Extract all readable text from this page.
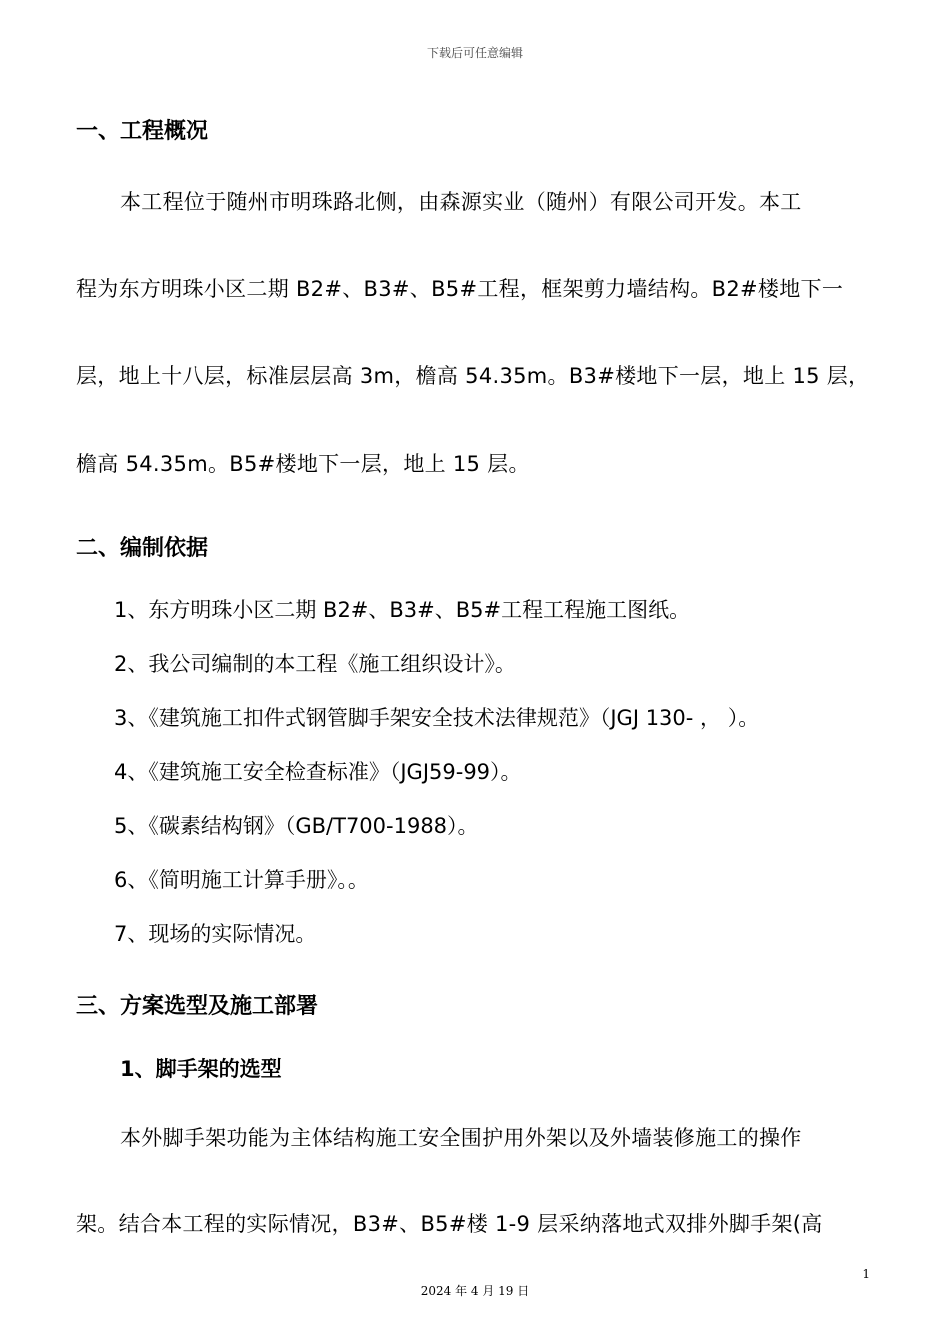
下载后可任意编辑
一、工程概况
本工程位于随州市明珠路北侧，由森源实业（随州）有限公司开发。本工
程为东方明珠小区二期 B2#、B3#、B5#工程，框架剪力墙结构。B2#楼地下一
层，地上十八层，标准层层高 3m，檐高 54.35m。B3#楼地下一层，地上 15 层，
檐高 54.35m。B5#楼地下一层，地上 15 层。
二、编制依据
1、东方明珠小区二期 B2#、B3#、B5#工程工程施工图纸。
2、我公司编制的本工程《施工组织设计》。
3、《建筑施工扣件式钢管脚手架安全技术法律规范》（JGJ 130- ， ）。
4、《建筑施工安全检查标准》（JGJ59-99）。
5、《碳素结构钢》（GB/T700-1988）。
6、《简明施工计算手册》。。
7、现场的实际情况。
三、方案选型及施工部署
1、脚手架的选型
本外脚手架功能为主体结构施工安全围护用外架以及外墙装修施工的操作
架。结合本工程的实际情况，B3#、B5#楼 1-9 层采纳落地式双排外脚手架(高
1
2024 年 4 月 19 日
